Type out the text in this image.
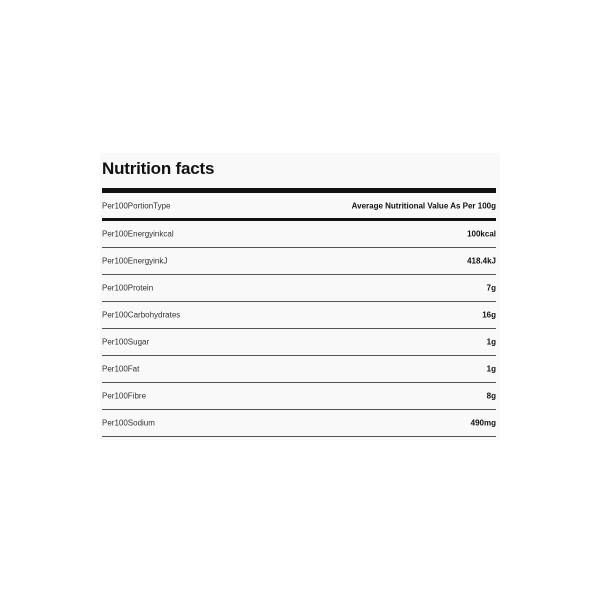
Nutrition facts
Per100PortionType	Average Nutritional Value As Per 100g
Per100Energyinkcal	100kcal
Per100EnergyinkJ	418.4kJ
Per100Protein	7g
Per100Carbohydrates	16g
Per100Sugar	1g
Per100Fat	1g
Per100Fibre	8g
Per100Sodium	490mg
